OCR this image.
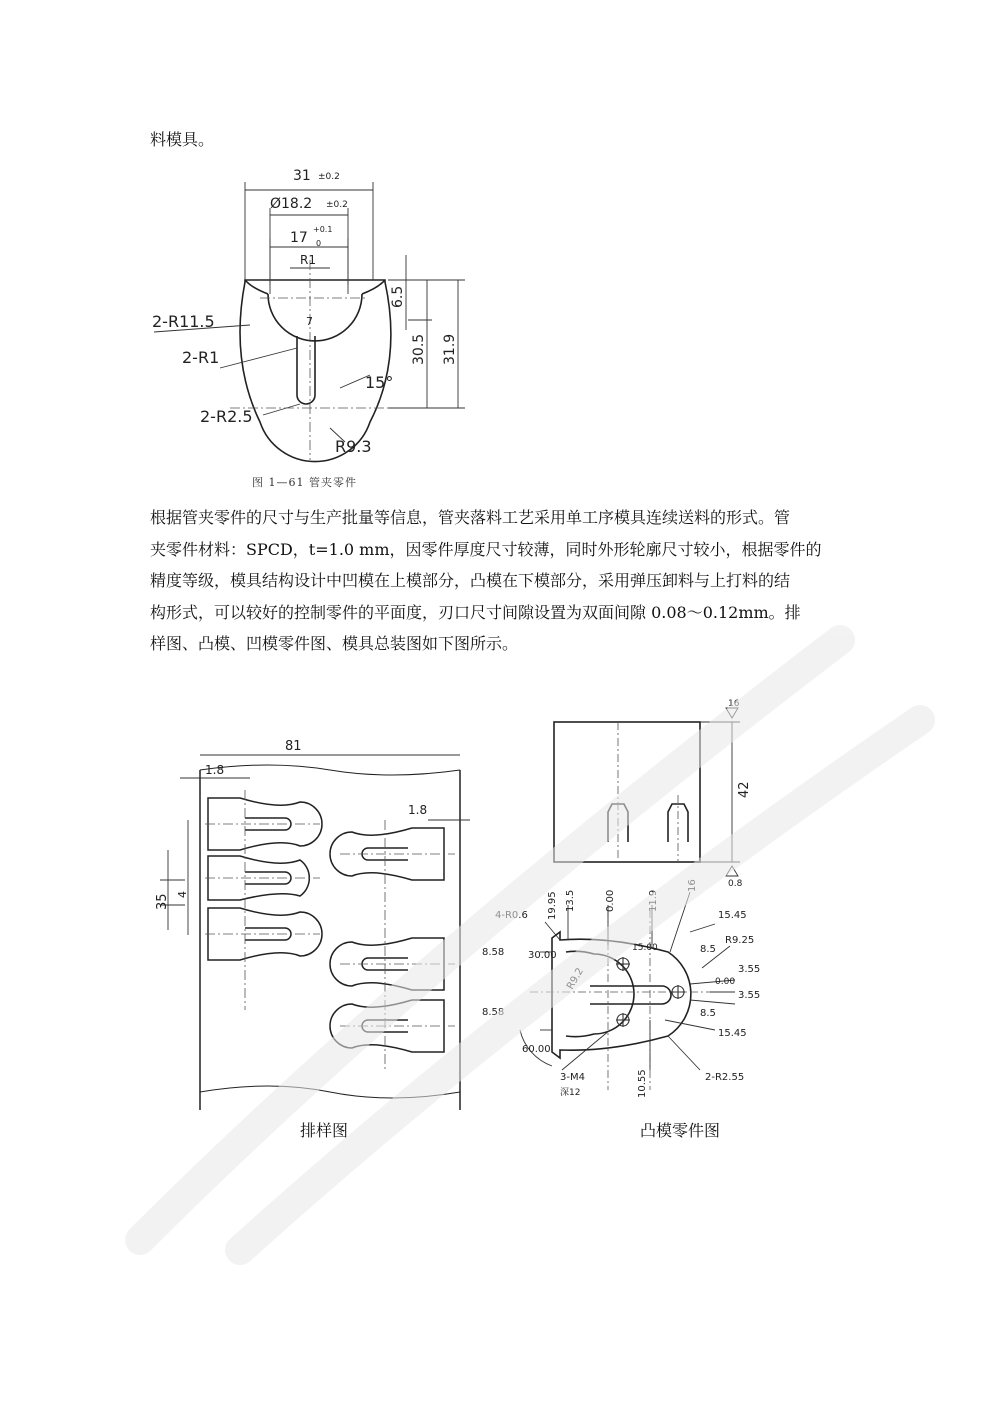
料模具。
31 ±0.2
Ø18.2 ±0.2
17
+0.1
0
R1
2-R11.5
2-R1
2-R2.5
R9.3
7
15°
6.5
30.5 31.9
图 1—61 管夹零件
根据管夹零件的尺寸与生产批量等信息，管夹落料工艺采用单工序模具连续送料的形式。管
夹零件材料：SPCD，t=1.0 mm，因零件厚度尺寸较薄，同时外形轮廓尺寸较小，根据零件的
精度等级，模具结构设计中凹模在上模部分，凸模在下模部分，采用弹压卸料与上打料的结
构形式，可以较好的控制零件的平面度，刃口尺寸间隙设置为双面间隙 0.08～0.12mm。排
样图、凸模、凹模零件图、模具总装图如下图所示。
81
1.8
1.8
35 4
排样图
16
42
0.8
19.95 13.5	0.00	11.9
16
4-R0.6	15.45
R9.25
8.58 30.00
15.00	8.5
3.55
0.00
3.55
R9.2
8.58	8.5
15.45
60.00
3-M4
深12	10.55	2-R2.55
凸模零件图
